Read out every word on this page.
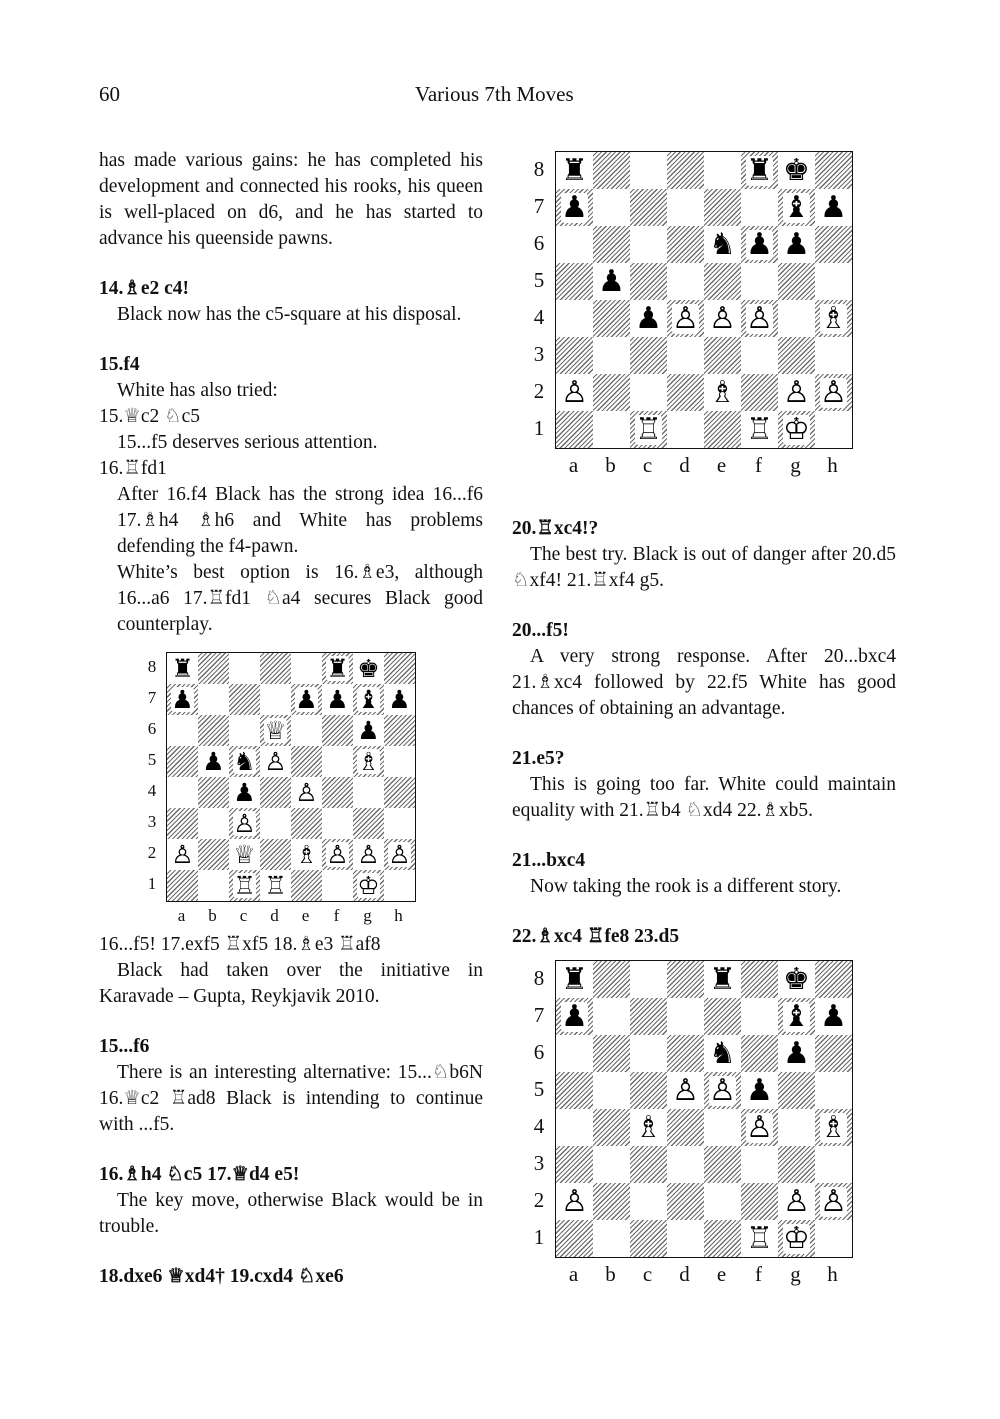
60	Various 7th Moves

has made various gains: he has completed his development and connected his rooks, his queen is well-placed on d6, and he has started to advance his queenside pawns.

14.♗e2 c4!

Black now has the c5-square at his disposal.

15.f4

White has also tried:

15.♕c2 ♘c5

15...f5 deserves serious attention.

16.♖fd1

After 16.f4 Black has the strong idea 16...f6 17.♗h4 ♗h6 and White has problems defending the f4-pawn.

White’s best option is 16.♗e3, although 16...a6 17.♖fd1 ♘a4 secures Black good counterplay.

16...f5! 17.exf5 ♖xf5 18.♗e3 ♖af8

Black had taken over the initiative in Karavade – Gupta, Reykjavik 2010.

15...f6

There is an interesting alternative: 15...♘b6N 16.♕c2 ♖ad8 Black is intending to continue with ...f5.

16.♗h4 ♘c5 17.♕d4 e5!

The key move, otherwise Black would be in trouble.

18.dxe6 ♕xd4† 19.cxd4 ♘xe6

20.♖xc4!?

The best try. Black is out of danger after 20.d5 ♘xf4! 21.♖xf4 g5.

20...f5!

A very strong response. After 20...bxc4 21.♗xc4 followed by 22.f5 White has good chances of obtaining an advantage.

21.e5?

This is going too far. White could maintain equality with 21.♖b4 ♘xd4 22.♗xb5.

21...bxc4

Now taking the rook is a different story.

22.♗xc4 ♖fe8 23.d5

♜	♜ ♚
♟	♟ ♟ ♝ ♟
♕	♟
♟ ♞ ♙	♗
♟ ♙
♙
♙ ♕ ♗ ♙ ♙ ♙
♖ ♖	♔
8
7
6
5
4
3
2
1
a	b	c	d	e	f	g	h
♜	♜ ♚
♟	♝ ♟
♞ ♟ ♟
♟
♟ ♙ ♙ ♙ ♗
♙	♗ ♙ ♙
♖	♖ ♔
8
7
6
5
4
3
2
1
a	b	c	d	e	f	g	h
♜	♜ ♚
♟	♝ ♟
♞ ♟
♙ ♙ ♟
♗	♙ ♗
♙	♙ ♙
♖ ♔
8
7
6
5
4
3
2
1
a	b	c	d	e	f	g	h
